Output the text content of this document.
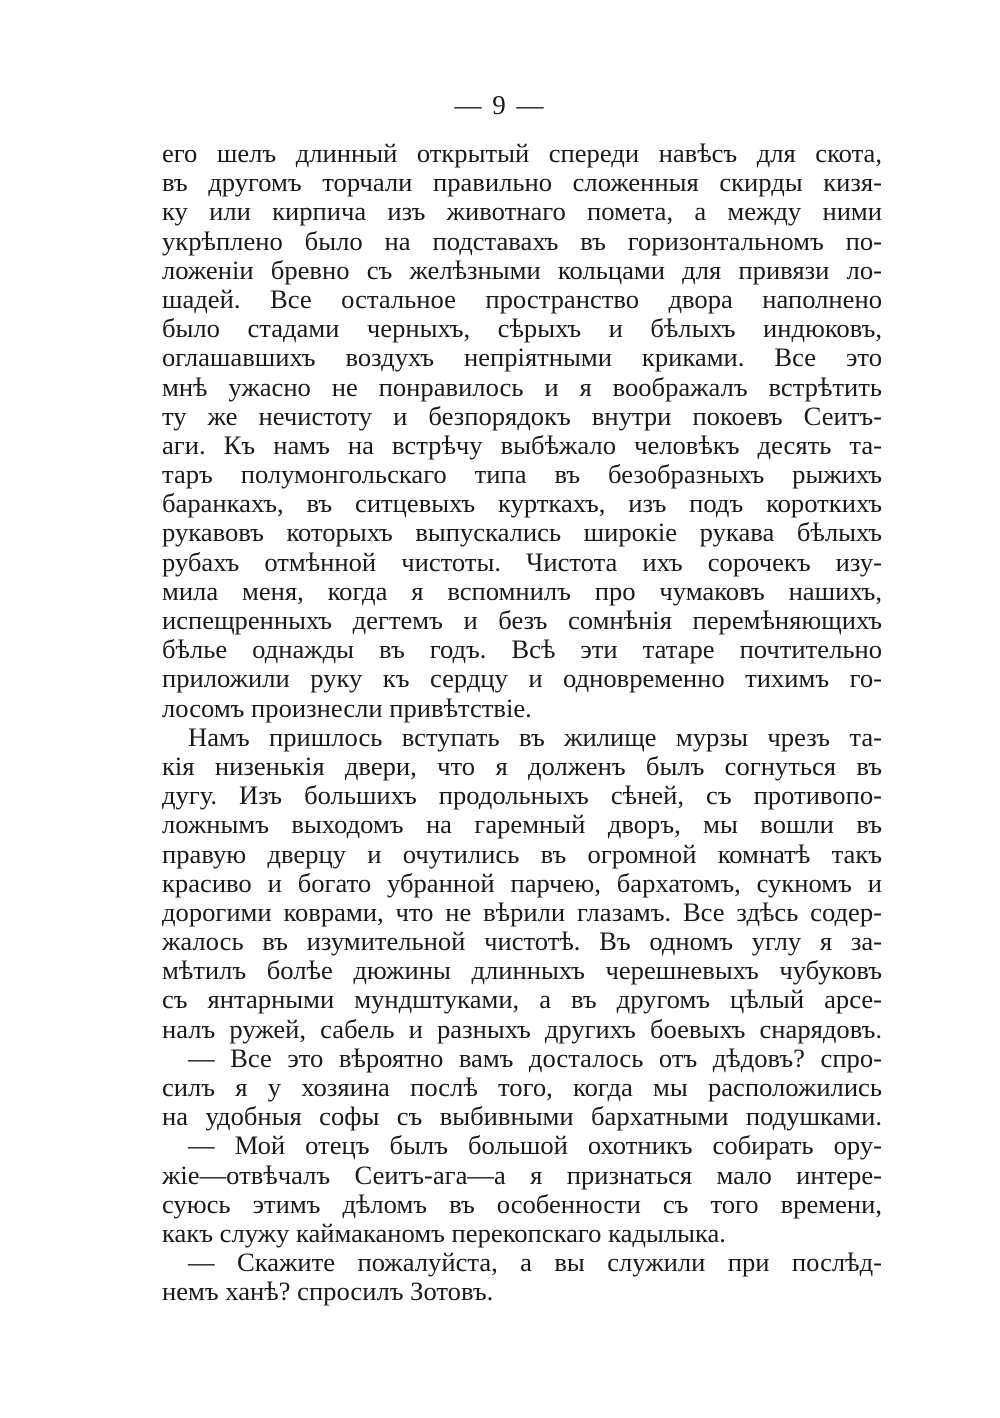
— 9 —
его шелъ длинный открытый спереди навѣсъ для скота,
въ другомъ торчали правильно сложенныя скирды кизя-
ку или кирпича изъ животнаго помета, а между ними
укрѣплено было на подставахъ въ горизонтальномъ по-
ложеніи бревно съ желѣзными кольцами для привязи ло-
шадей. Все остальное пространство двора наполнено
было стадами черныхъ, сѣрыхъ и бѣлыхъ индюковъ,
оглашавшихъ воздухъ непріятными криками. Все это
мнѣ ужасно не понравилось и я воображалъ встрѣтить
ту же нечистоту и безпорядокъ внутри покоевъ Сеитъ-
аги. Къ намъ на встрѣчу выбѣжало человѣкъ десять та-
таръ полумонгольскаго типа въ безобразныхъ рыжихъ
баранкахъ, въ ситцевыхъ курткахъ, изъ подъ короткихъ
рукавовъ которыхъ выпускались широкіе рукава бѣлыхъ
рубахъ отмѣнной чистоты. Чистота ихъ сорочекъ изу-
мила меня, когда я вспомнилъ про чумаковъ нашихъ,
испещренныхъ дегтемъ и безъ сомнѣнія перемѣняющихъ
бѣлье однажды въ годъ. Всѣ эти татаре почтительно
приложили руку къ сердцу и одновременно тихимъ го-
лосомъ произнесли привѣтствіе.
Намъ пришлось вступать въ жилище мурзы чрезъ та-
кія низенькія двери, что я долженъ былъ согнуться въ
дугу. Изъ большихъ продольныхъ сѣней, съ противопо-
ложнымъ выходомъ на гаремный дворъ, мы вошли въ
правую дверцу и очутились въ огромной комнатѣ такъ
красиво и богато убранной парчею, бархатомъ, сукномъ и
дорогими коврами, что не вѣрили глазамъ. Все здѣсь содер-
жалось въ изумительной чистотѣ. Въ одномъ углу я за-
мѣтилъ болѣе дюжины длинныхъ черешневыхъ чубуковъ
съ янтарными мундштуками, а въ другомъ цѣлый арсе-
налъ ружей, сабель и разныхъ другихъ боевыхъ снарядовъ.
— Все это вѣроятно вамъ досталось отъ дѣдовъ? спро-
силъ я у хозяина послѣ того, когда мы расположились
на удобныя софы съ выбивными бархатными подушками.
— Мой отецъ былъ большой охотникъ собирать ору-
жіе—отвѣчалъ Сеитъ-ага—а я признаться мало интере-
суюсь этимъ дѣломъ въ особенности съ того времени,
какъ служу каймаканомъ перекопскаго кадылыка.
— Скажите пожалуйста, а вы служили при послѣд-
немъ ханѣ? спросилъ Зотовъ.
